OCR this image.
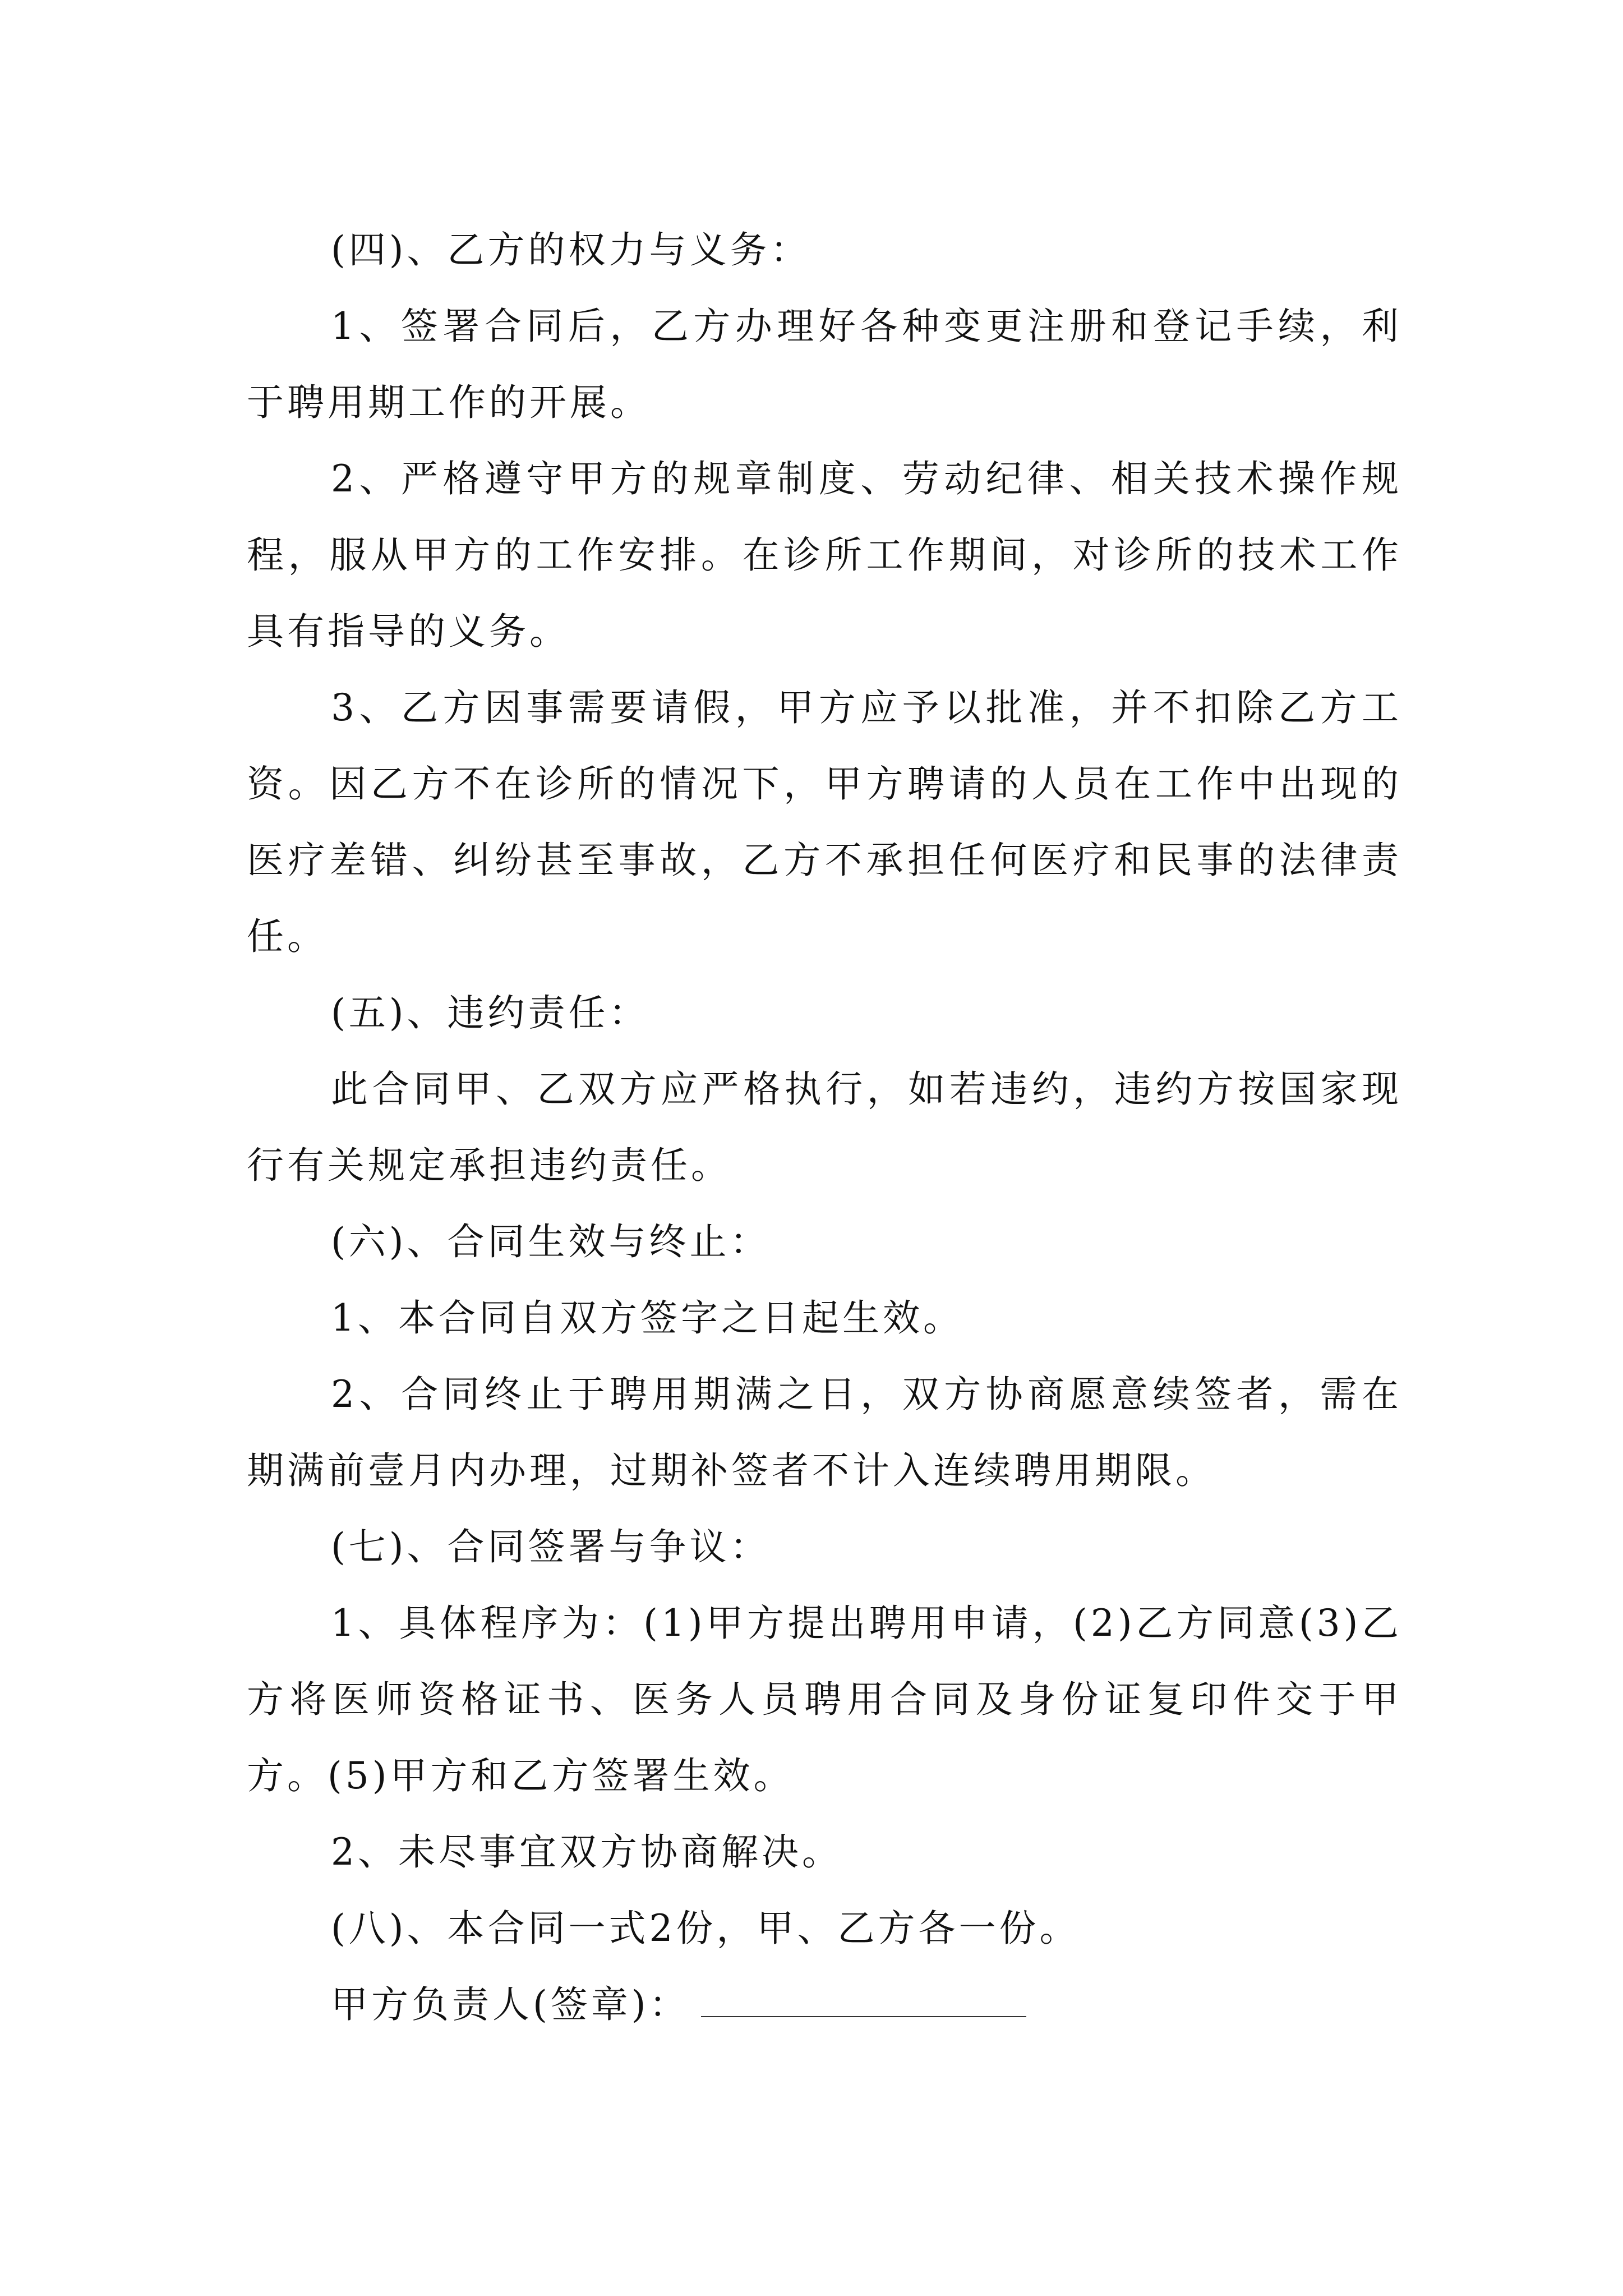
(四)、乙方的权力与义务：

1、签署合同后，乙方办理好各种变更注册和登记手续，利于聘用期工作的开展。

2、严格遵守甲方的规章制度、劳动纪律、相关技术操作规程，服从甲方的工作安排。在诊所工作期间，对诊所的技术工作具有指导的义务。

3、乙方因事需要请假，甲方应予以批准，并不扣除乙方工资。因乙方不在诊所的情况下，甲方聘请的人员在工作中出现的医疗差错、纠纷甚至事故，乙方不承担任何医疗和民事的法律责任。

(五)、违约责任：

此合同甲、乙双方应严格执行，如若违约，违约方按国家现行有关规定承担违约责任。

(六)、合同生效与终止：

1、本合同自双方签字之日起生效。

2、合同终止于聘用期满之日，双方协商愿意续签者，需在期满前壹月内办理，过期补签者不计入连续聘用期限。

(七)、合同签署与争议：

1、具体程序为：(1)甲方提出聘用申请，(2)乙方同意(3)乙方将医师资格证书、医务人员聘用合同及身份证复印件交于甲方。(5)甲方和乙方签署生效。

2、未尽事宜双方协商解决。

(八)、本合同一式2份，甲、乙方各一份。

甲方负责人(签章)：
